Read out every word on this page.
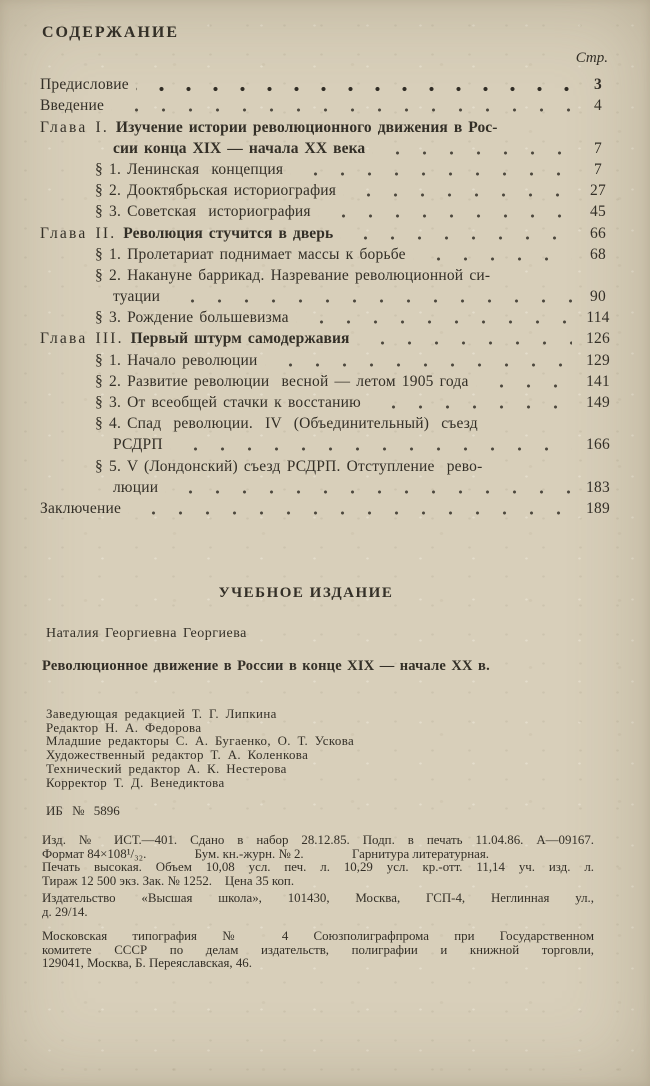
СОДЕРЖАНИЕ
Стр.
Предисловие	3
Введение	4
Глава I. Изучение истории революционного движения в Рос-
сии конца XIX — начала XX века	7
§ 1. Ленинская  концепция	7
§ 2. Дооктябрьская историография	27
§ 3. Советская  историография	45
Глава II. Революция стучится в дверь	66
§ 1. Пролетариат поднимает массы к борьбе	68
§ 2. Накануне баррикад. Назревание революционной си-
туации	90
§ 3. Рождение большевизма	114
Глава III. Первый штурм самодержавия	126
§ 1. Начало революции	129
§ 2. Развитие революции  весной — летом 1905 года	141
§ 3. От всеобщей стачки к восстанию	149
§ 4. Спад  революции.  IV  (Объединительный)  съезд
РСДРП	166
§ 5. V (Лондонский) съезд РСДРП. Отступление  рево-
люции	183
Заключение	189
УЧЕБНОЕ ИЗДАНИЕ
Наталия Георгиевна Георгиева
Революционное движение в России в конце XIX — начале XX в.
Заведующая редакцией Т. Г. Липкина
Редактор Н. А. Федорова
Младшие редакторы С. А. Бугаенко, О. Т. Ускова
Художественный редактор Т. А. Коленкова
Технический редактор А. К. Нестерова
Корректор Т. Д. Венедиктова
ИБ № 5896
Изд. № ИСТ.—401. Сдано в набор 28.12.85. Подп. в печать 11.04.86. А—09167.
Формат 84×108¹/₃₂.               Бум. кн.-журн. № 2.               Гарнитура литературная.
Печать высокая. Объем 10,08 усл. печ. л. 10,29 усл. кр.-отт. 11,14 уч. изд. л.
Тираж 12 500 экз. Зак. № 1252.    Цена 35 коп.
Издательство «Высшая школа», 101430, Москва, ГСП-4, Неглинная ул.,
д. 29/14.
Московская типография № 4 Союзполиграфпрома при Государственном
комитете СССР по делам издательств, полиграфии и книжной торговли,
129041, Москва, Б. Переяславская, 46.
